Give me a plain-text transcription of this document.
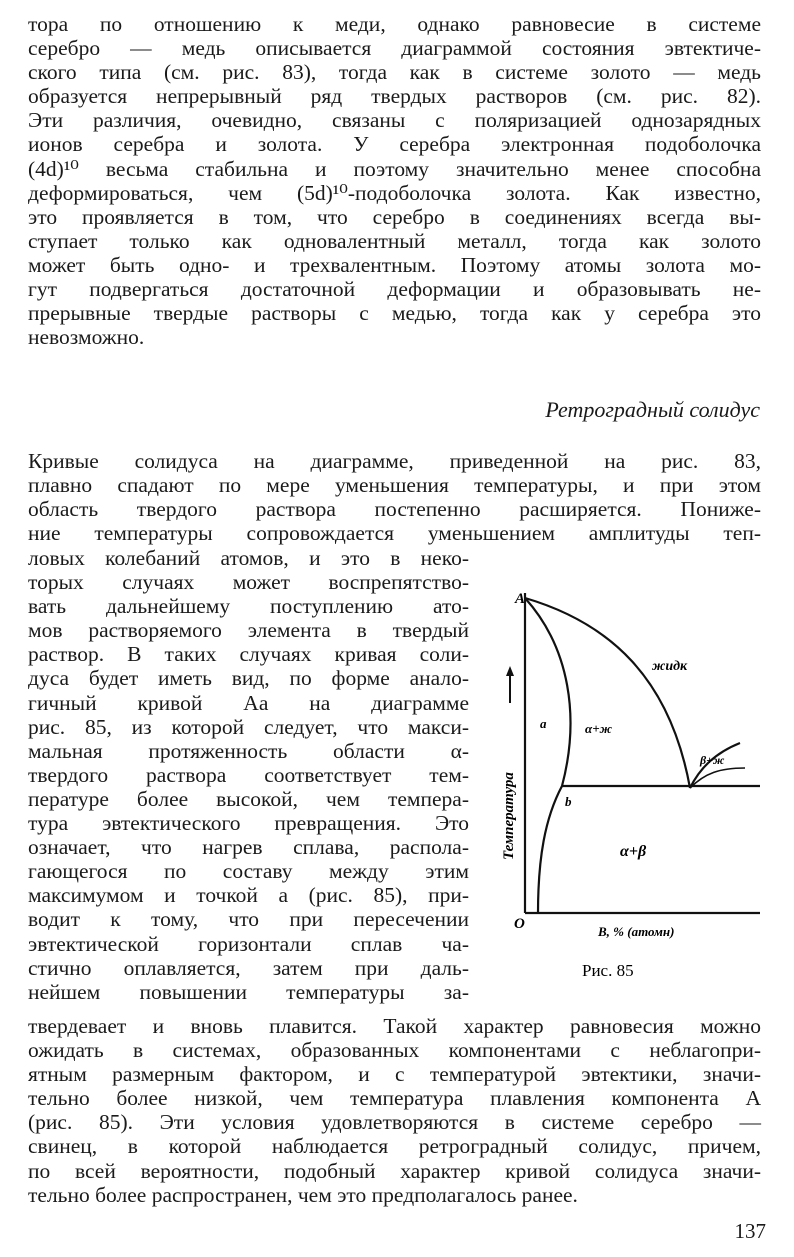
тора по отношению к меди, однако равновесие в системе
серебро — медь описывается диаграммой состояния эвтектиче-
ского типа (см. рис. 83), тогда как в системе золото — медь
образуется непрерывный ряд твердых растворов (см. рис. 82).
Эти различия, очевидно, связаны с поляризацией однозарядных
ионов серебра и золота. У серебра электронная подоболочка
(4d)¹⁰ весьма стабильна и поэтому значительно менее способна
деформироваться, чем (5d)¹⁰-подоболочка золота. Как известно,
это проявляется в том, что серебро в соединениях всегда вы-
ступает только как одновалентный металл, тогда как золото
может быть одно- и трехвалентным. Поэтому атомы золота мо-
гут подвергаться достаточной деформации и образовывать не-
прерывные твердые растворы с медью, тогда как у серебра это
невозможно.
Ретроградный солидус
Кривые солидуса на диаграмме, приведенной на рис. 83,
плавно спадают по мере уменьшения температуры, и при этом
область твердого раствора постепенно расширяется. Пониже-
ние температуры сопровождается уменьшением амплитуды теп-
ловых колебаний атомов, и это в неко-
торых случаях может воспрепятство-
вать дальнейшему поступлению ато-
мов растворяемого элемента в твердый
раствор. В таких случаях кривая соли-
дуса будет иметь вид, по форме анало-
гичный кривой Aa на диаграмме
рис. 85, из которой следует, что макси-
мальная протяженность области α-
твердого раствора соответствует тем-
пературе более высокой, чем темпера-
тура эвтектического превращения. Это
означает, что нагрев сплава, распола-
гающегося по составу между этим
максимумом и точкой a (рис. 85), при-
водит к тому, что при пересечении
эвтектической горизонтали сплав ча-
стично оплавляется, затем при даль-
нейшем повышении температуры за-
твердевает и вновь плавится. Такой характер равновесия можно
ожидать в системах, образованных компонентами с неблагопри-
ятным размерным фактором, и с температурой эвтектики, значи-
тельно более низкой, чем температура плавления компонента A
(рис. 85). Эти условия удовлетворяются в системе серебро —
свинец, в которой наблюдается ретроградный солидус, причем,
по всей вероятности, подобный характер кривой солидуса значи-
тельно более распространен, чем это предполагалось ранее.
A
O
a
b
жидк
α+ж
β+ж
α+β
B, % (атомн)
Температура
Рис. 85
137
